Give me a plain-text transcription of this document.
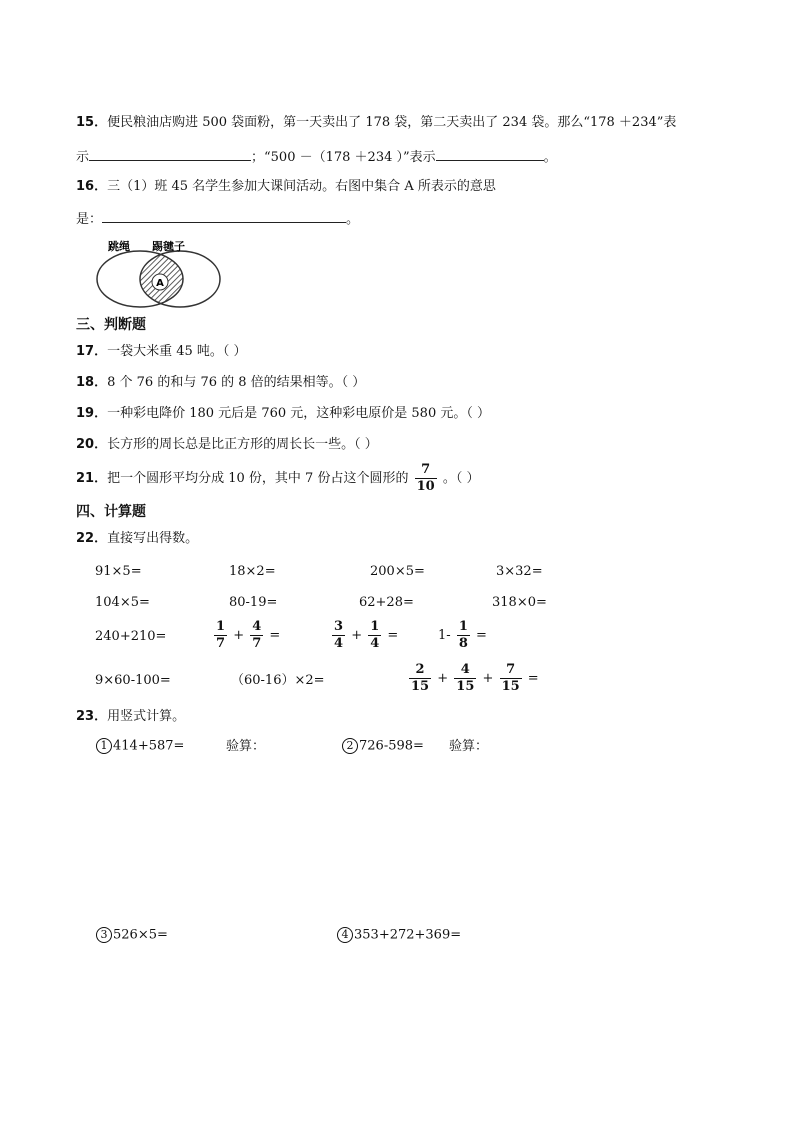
15．便民粮油店购进 500 袋面粉，第一天卖出了 178 袋，第二天卖出了 234 袋。那么“178 ＋234”表
示	；“500 －（178 ＋234 ）”表示	。
16．三（1）班 45 名学生参加大课间活动。右图中集合 A 所表示的意思
是：	。
A
跳绳 踢毽子
三、判断题
17．一袋大米重 45 吨。（ ）
18．8 个 76 的和与 76 的 8 倍的结果相等。（ ）
19．一种彩电降价 180 元后是 760 元，这种彩电原价是 580 元。（ ）
20．长方形的周长总是比正方形的周长长一些。（ ）
21．把一个圆形平均分成 10 份，其中 7 份占这个圆形的 $\frac{7}{10}$ 。（ ）
四、计算题
22．直接写出得数。
91×5=	18×2=	200×5=	3×32=
104×5=	80-19=	62+28=	318×0=
240+210=	$\frac{1}{7} + \frac{4}{7}$ =	$\frac{3}{4} + \frac{1}{4}$ =	$1- \frac{1}{8}$ =
9×60-100=	（60-16）×2=	$\frac{2}{15} + \frac{4}{15} + \frac{7}{15}$ =
23．用竖式计算。
1 414+587=	验算：	2 726-598= 验算：
3 526×5=	4 353+272+369=
